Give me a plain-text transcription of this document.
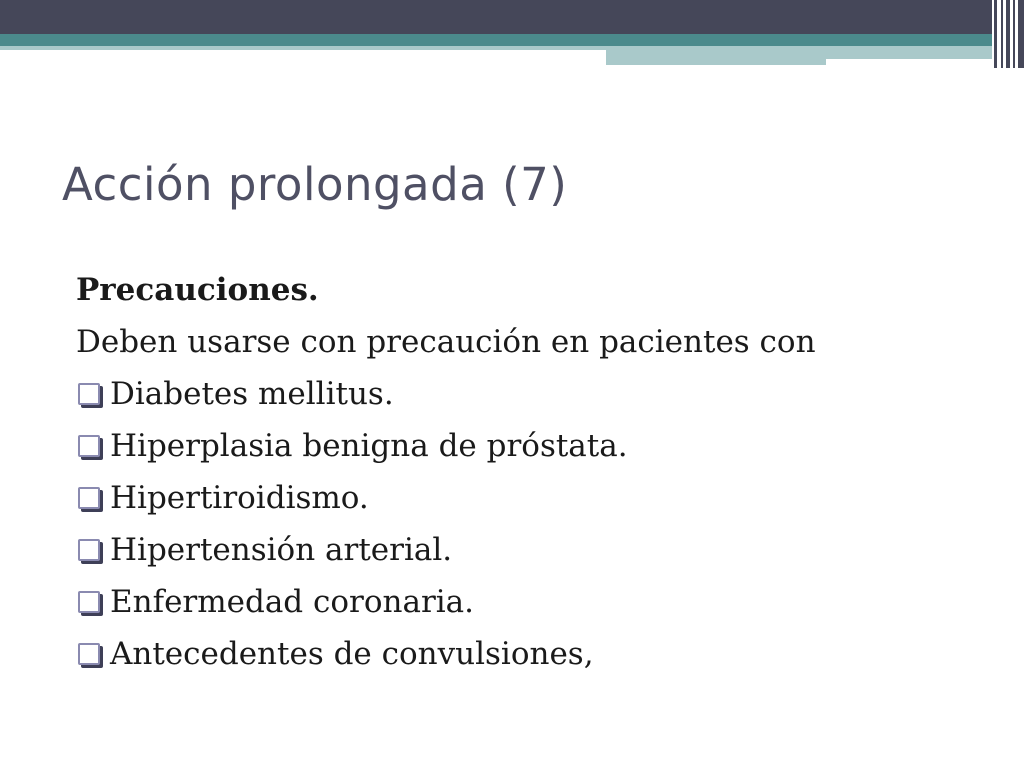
Acción prolongada (7)

Precauciones.

Deben usarse con precaución en pacientes con

Diabetes mellitus.
Hiperplasia benigna de próstata.
Hipertiroidismo.
Hipertensión arterial.
Enfermedad coronaria.
Antecedentes de convulsiones,
